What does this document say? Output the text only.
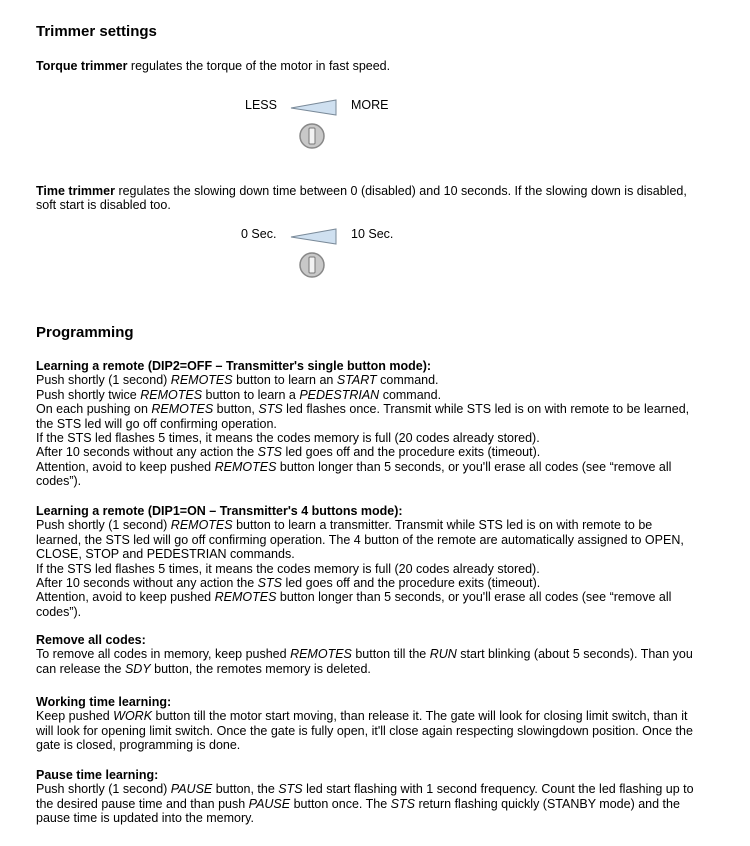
Trimmer settings
Torque trimmer regulates the torque of the motor in fast speed.
LESS	MORE
Time trimmer regulates the slowing down time between 0 (disabled) and 10 seconds. If the slowing down is disabled,
soft start is disabled too.
0 Sec.	10 Sec.
Programming
Learning a remote (DIP2=OFF – Transmitter's single button mode):
Push shortly (1 second) REMOTES button to learn an START command.
Push shortly twice REMOTES button to learn a PEDESTRIAN command.
On each pushing on REMOTES button, STS led flashes once. Transmit while STS led is on with remote to be learned,
the STS led will go off confirming operation.
If the STS led flashes 5 times, it means the codes memory is full (20 codes already stored).
After 10 seconds without any action the STS led goes off and the procedure exits (timeout).
Attention, avoid to keep pushed REMOTES button longer than 5 seconds, or you'll erase all codes (see “remove all
codes”).
Learning a remote (DIP1=ON – Transmitter's 4 buttons mode):
Push shortly (1 second) REMOTES button to learn a transmitter. Transmit while STS led is on with remote to be
learned, the STS led will go off confirming operation. The 4 button of the remote are automatically assigned to OPEN,
CLOSE, STOP and PEDESTRIAN commands.
If the STS led flashes 5 times, it means the codes memory is full (20 codes already stored).
After 10 seconds without any action the STS led goes off and the procedure exits (timeout).
Attention, avoid to keep pushed REMOTES button longer than 5 seconds, or you'll erase all codes (see “remove all
codes”).
Remove all codes:
To remove all codes in memory, keep pushed REMOTES button till the RUN start blinking (about 5 seconds). Than you
can release the SDY button, the remotes memory is deleted.
Working time learning:
Keep pushed WORK button till the motor start moving, than release it. The gate will look for closing limit switch, than it
will look for opening limit switch. Once the gate is fully open, it'll close again respecting slowingdown position. Once the
gate is closed, programming is done.
Pause time learning:
Push shortly (1 second) PAUSE button, the STS led start flashing with 1 second frequency. Count the led flashing up to
the desired pause time and than push PAUSE button once. The STS return flashing quickly (STANBY mode) and the
pause time is updated into the memory.
